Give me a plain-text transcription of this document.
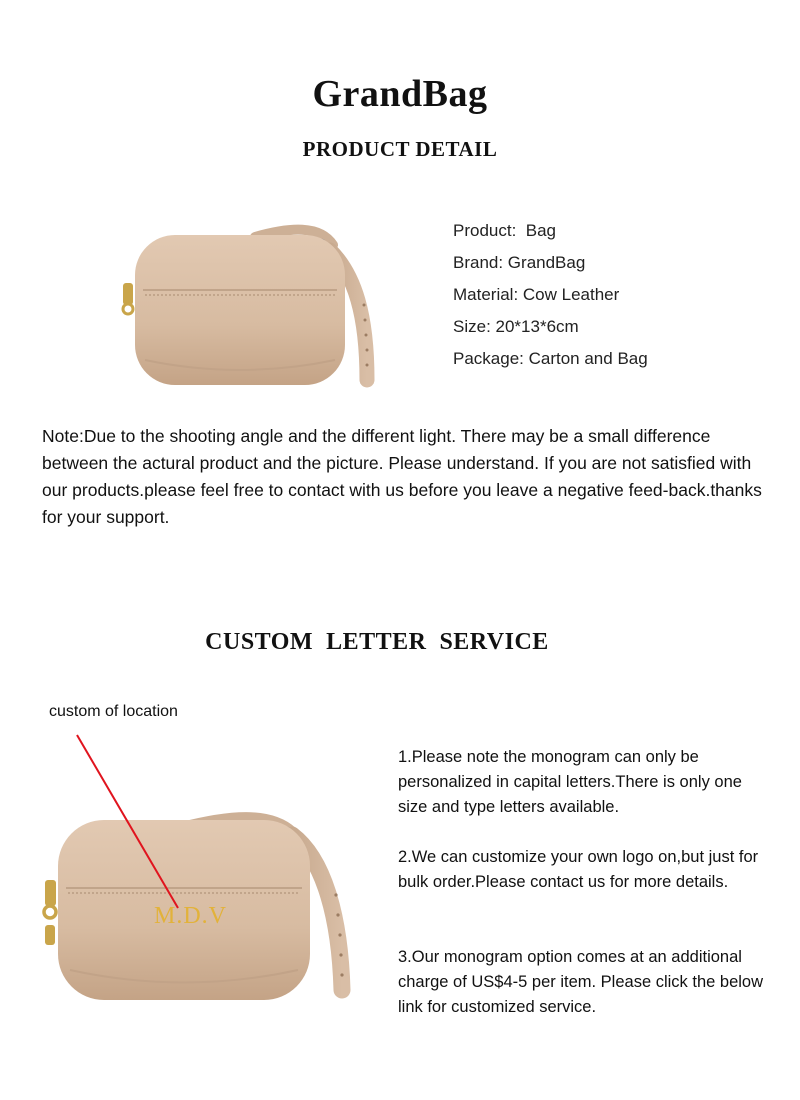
GrandBag
PRODUCT DETAIL
Product:  Bag
Brand: GrandBag
Material: Cow Leather
Size: 20*13*6cm
Package: Carton and Bag

Note:Due to the shooting angle and the different light. There may be a small difference between the actural product and the picture. Please understand. If you are not satisfied with our products.please feel free to contact with us before you leave a negative feed-back.thanks for your support.

CUSTOM  LETTER  SERVICE
custom of location
M.D.V

1.Please note the monogram can only be personalized in capital letters.There is only one size and type letters available.

2.We can customize your own logo on,but just for bulk order.Please contact us for more details.

3.Our monogram option comes at an additional charge of US$4-5 per item. Please click the below link for customized service.
